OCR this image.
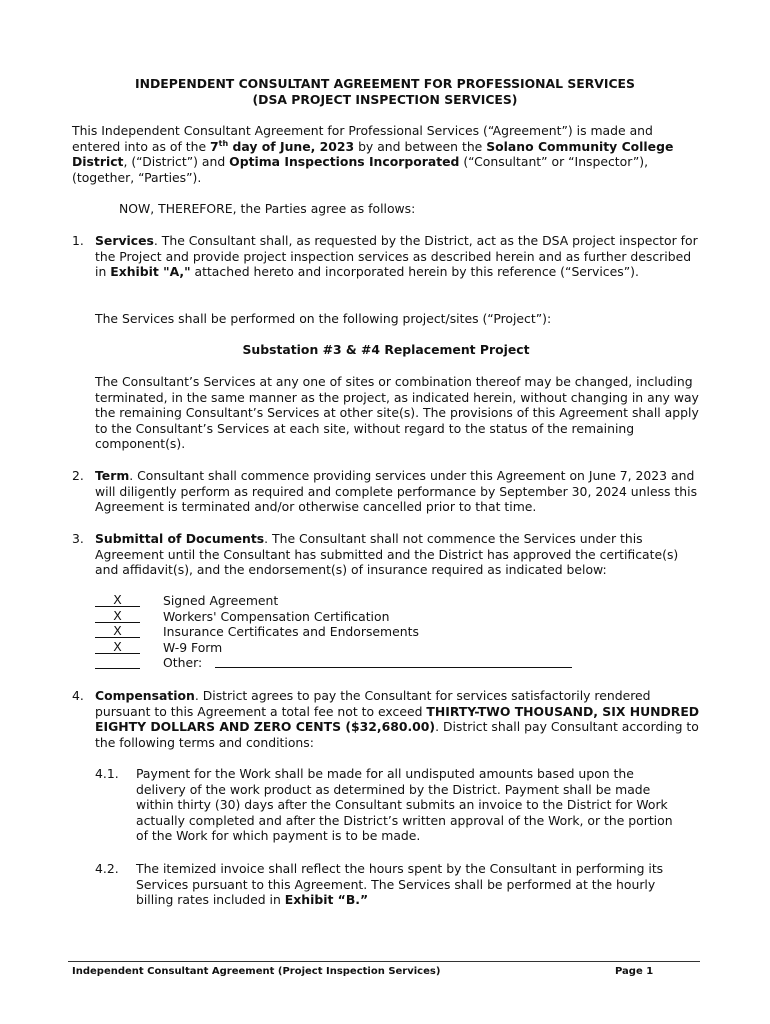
INDEPENDENT CONSULTANT AGREEMENT FOR PROFESSIONAL SERVICES
(DSA PROJECT INSPECTION SERVICES)
This Independent Consultant Agreement for Professional Services (“Agreement”) is made and entered into as of the 7th day of June, 2023 by and between the Solano Community College District, (“District”) and Optima Inspections Incorporated (“Consultant” or “Inspector”), (together, “Parties”).
NOW, THEREFORE, the Parties agree as follows:
1. Services. The Consultant shall, as requested by the District, act as the DSA project inspector for the Project and provide project inspection services as described herein and as further described in Exhibit "A," attached hereto and incorporated herein by this reference (“Services”).
The Services shall be performed on the following project/sites (“Project”):
Substation #3 & #4 Replacement Project
The Consultant’s Services at any one of sites or combination thereof may be changed, including terminated, in the same manner as the project, as indicated herein, without changing in any way the remaining Consultant’s Services at other site(s). The provisions of this Agreement shall apply to the Consultant’s Services at each site, without regard to the status of the remaining component(s).
2. Term. Consultant shall commence providing services under this Agreement on June 7, 2023 and will diligently perform as required and complete performance by September 30, 2024 unless this Agreement is terminated and/or otherwise cancelled prior to that time.
3. Submittal of Documents. The Consultant shall not commence the Services under this Agreement until the Consultant has submitted and the District has approved the certificate(s) and affidavit(s), and the endorsement(s) of insurance required as indicated below:
X	Signed Agreement
X	Workers' Compensation Certification
X	Insurance Certificates and Endorsements
X	W-9 Form
Other:
4. Compensation. District agrees to pay the Consultant for services satisfactorily rendered pursuant to this Agreement a total fee not to exceed THIRTY-TWO THOUSAND, SIX HUNDRED EIGHTY DOLLARS AND ZERO CENTS ($32,680.00). District shall pay Consultant according to the following terms and conditions:
4.1. Payment for the Work shall be made for all undisputed amounts based upon the delivery of the work product as determined by the District. Payment shall be made within thirty (30) days after the Consultant submits an invoice to the District for Work actually completed and after the District’s written approval of the Work, or the portion of the Work for which payment is to be made.
4.2. The itemized invoice shall reflect the hours spent by the Consultant in performing its Services pursuant to this Agreement. The Services shall be performed at the hourly billing rates included in Exhibit “B.”
Independent Consultant Agreement (Project Inspection Services)	Page 1
